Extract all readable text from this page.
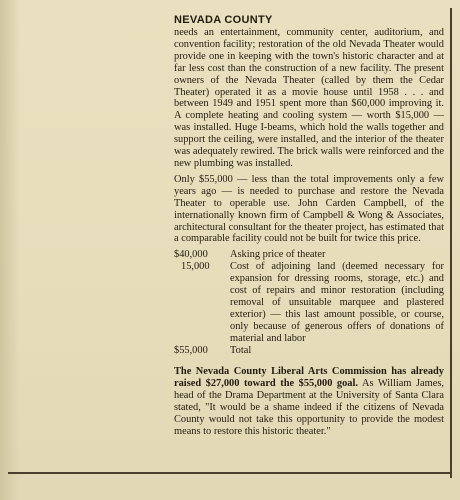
NEVADA COUNTY

needs an entertainment, community center, auditorium, and convention facility; restoration of the old Nevada Theater would provide one in keeping with the town's historic character and at far less cost than the construction of a new facility. The present owners of the Nevada Theater (called by them the Cedar Theater) operated it as a movie house until 1958 . . . and between 1949 and 1951 spent more than $60,000 improving it. A complete heating and cooling system — worth $15,000 — was installed. Huge I-beams, which hold the walls together and support the ceiling, were installed, and the interior of the theater was adequately rewired. The brick walls were reinforced and the new plumbing was installed.

Only $55,000 — less than the total improvements only a few years ago — is needed to purchase and restore the Nevada Theater to operable use. John Carden Campbell, of the internationally known firm of Campbell & Wong & Associates, architectural consultant for the theater project, has estimated that a comparable facility could not be built for twice this price.

$40,000	Asking price of theater
15,000	Cost of adjoining land (deemed necessary for expansion for dressing rooms, storage, etc.) and cost of repairs and minor restoration (including removal of unsuitable marquee and plastered exterior) — this last amount possible, or course, only because of generous offers of donations of material and labor
$55,000	Total

The Nevada County Liberal Arts Commission has already raised $27,000 toward the $55,000 goal. As William James, head of the Drama Department at the University of Santa Clara stated, "It would be a shame indeed if the citizens of Nevada County would not take this opportunity to provide the modest means to restore this historic theater."
